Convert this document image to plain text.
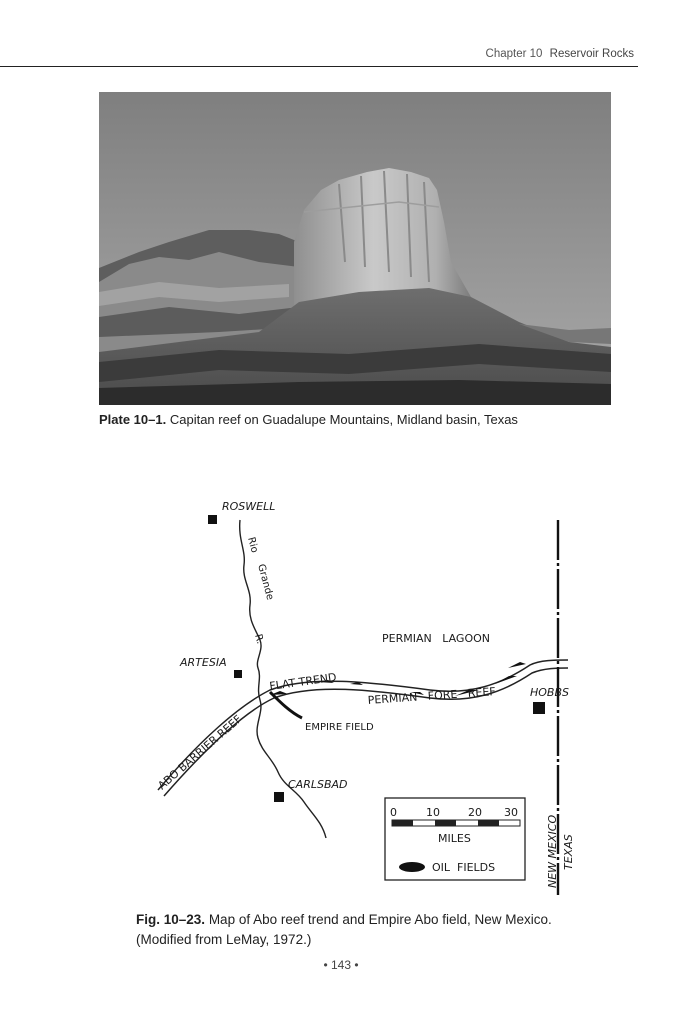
Chapter 10 Reservoir Rocks
Plate 10–1. Capitan reef on Guadalupe Mountains, Midland basin, Texas
ROSWELL
Rio
Grande
R.
ARTESIA
PERMIAN   LAGOON
FLAT TREND
ABO BARRIER REEF
PERMIAN   FORE   REEF	HOBBS
EMPIRE FIELD
CARLSBAD
NEW MEXICO TEXAS
0	10	20 30
MILES
OIL  FIELDS
Fig. 10–23. Map of Abo reef trend and Empire Abo field, New Mexico. (Modified from LeMay, 1972.)
• 143 •
